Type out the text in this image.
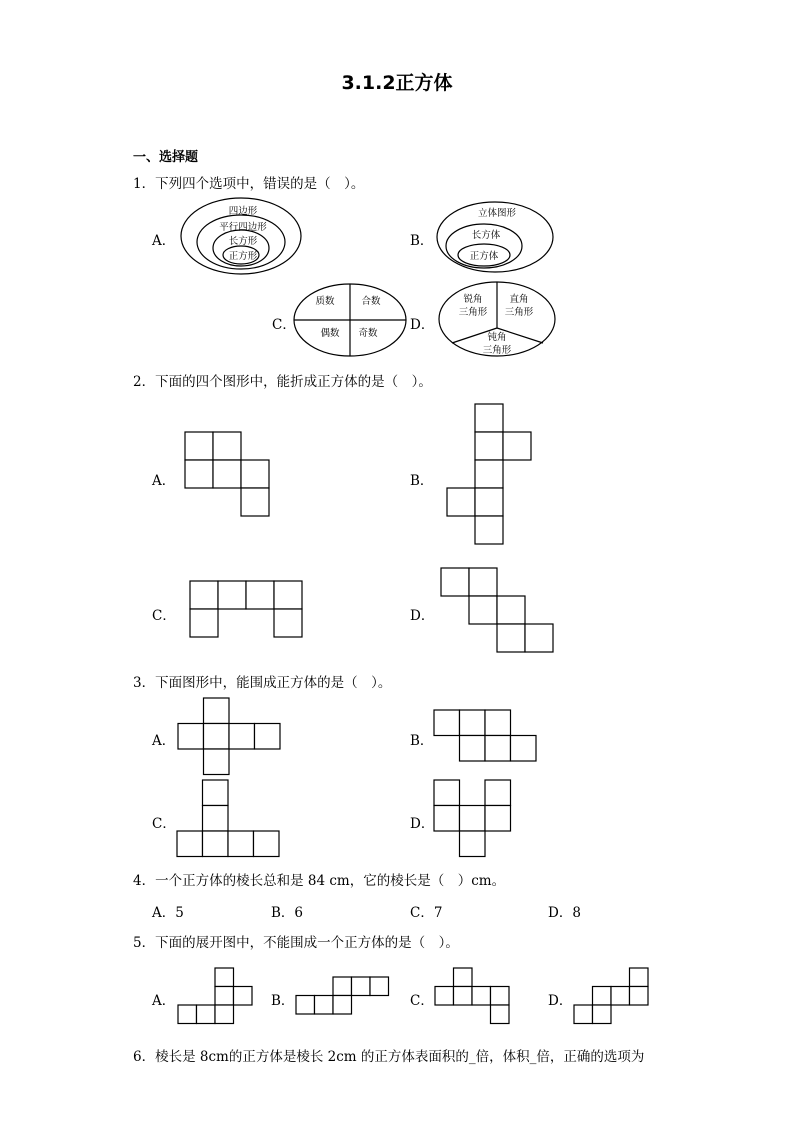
3.1.2正方体
一、选择题
1．下列四个选项中，错误的是（　）。
A．	B．
C．	D．
四边形
平行四边形
长方形
正方形
立体图形
长方体
正方体
质数	合数
偶数 奇数
锐角
三角形
直角
三角形
钝角
三角形
2．下面的四个图形中，能折成正方体的是（　）。
A．	B．
C．	D．
3．下面图形中，能围成正方体的是（　）。
A．	B．
C．	D．
4．一个正方体的棱长总和是 84 cm，它的棱长是（　）cm。
A．5	B．6	C．7	D．8
5．下面的展开图中，不能围成一个正方体的是（　）。
A．	B．	C．	D．
6．棱长是 8cm的正方体是棱长 2cm 的正方体表面积的_倍，体积_倍，正确的选项为
